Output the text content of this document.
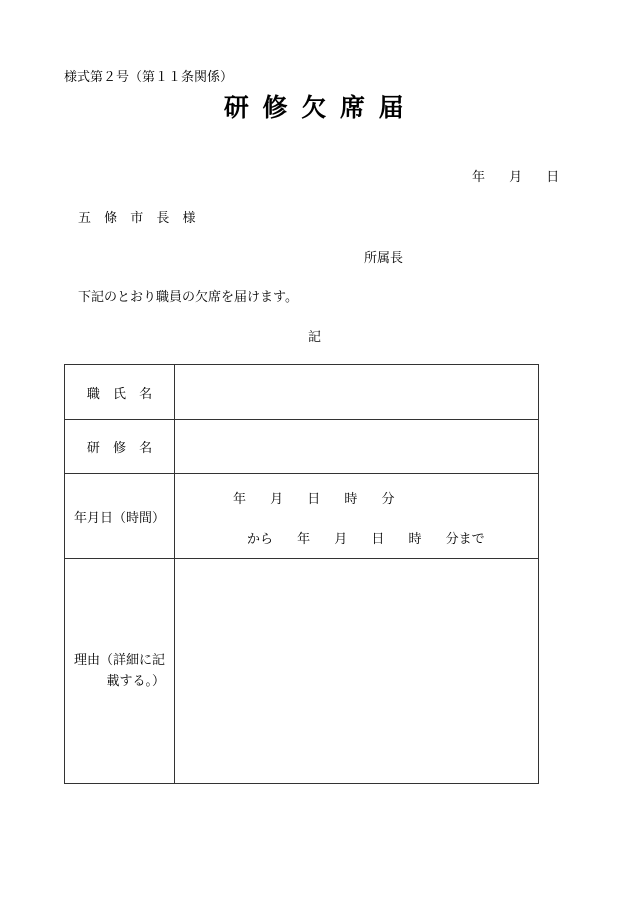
様式第２号（第１１条関係）
研 修 欠 席 届
年 月 日
五 條 市 長 様
所属長
下記のとおり職員の欠席を届けます。
記
職 氏 名	
研 修 名	
年月日（時間）	年 月 日 時 分
から 年 月 日 時 分まで

理由（詳細に記
載する。）	
